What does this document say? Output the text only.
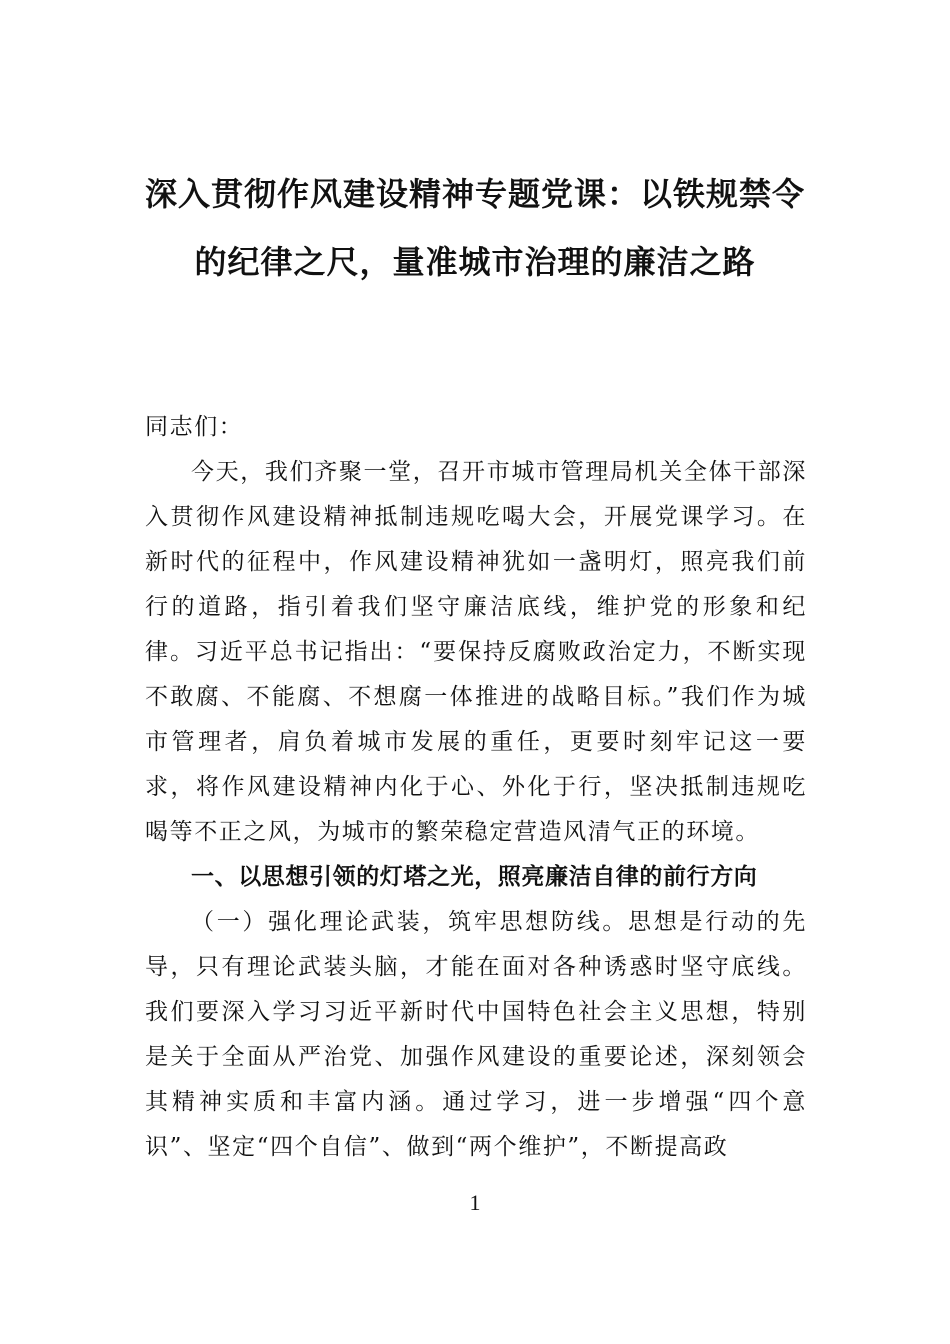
深入贯彻作风建设精神专题党课：以铁规禁令的纪律之尺，量准城市治理的廉洁之路

同志们：

今天，我们齐聚一堂，召开市城市管理局机关全体干部深入贯彻作风建设精神抵制违规吃喝大会，开展党课学习。在新时代的征程中，作风建设精神犹如一盏明灯，照亮我们前行的道路，指引着我们坚守廉洁底线，维护党的形象和纪律。习近平总书记指出：“要保持反腐败政治定力，不断实现不敢腐、不能腐、不想腐一体推进的战略目标。”我们作为城市管理者，肩负着城市发展的重任，更要时刻牢记这一要求，将作风建设精神内化于心、外化于行，坚决抵制违规吃喝等不正之风，为城市的繁荣稳定营造风清气正的环境。

一、以思想引领的灯塔之光，照亮廉洁自律的前行方向

（一）强化理论武装，筑牢思想防线。思想是行动的先导，只有理论武装头脑，才能在面对各种诱惑时坚守底线。我们要深入学习习近平新时代中国特色社会主义思想，特别是关于全面从严治党、加强作风建设的重要论述，深刻领会其精神实质和丰富内涵。通过学习，进一步增强“四个意识”、坚定“四个自信”、做到“两个维护”，不断提高政

1
